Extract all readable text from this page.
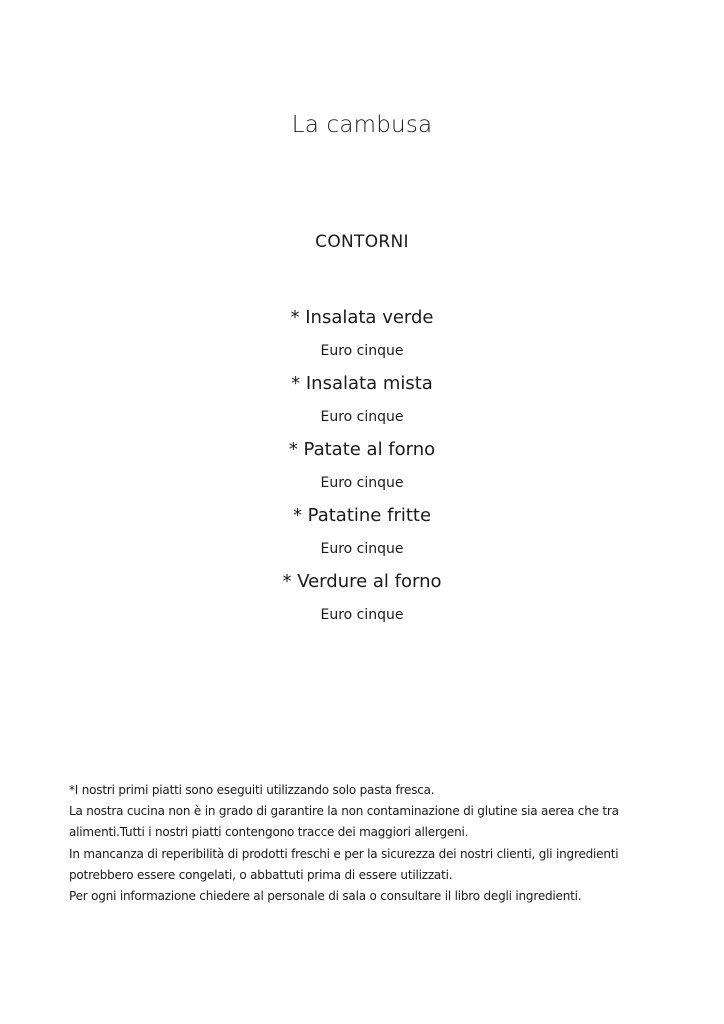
La cambusa
CONTORNI
* Insalata verde
Euro cinque
* Insalata mista
Euro cinque
* Patate al forno
Euro cinque
* Patatine fritte
Euro cinque
* Verdure al forno
Euro cinque

*I nostri primi piatti sono eseguiti utilizzando solo pasta fresca.

La nostra cucina non è in grado di garantire la non contaminazione di glutine sia aerea che tra

alimenti.Tutti i nostri piatti contengono tracce dei maggiori allergeni.

In mancanza di reperibilità di prodotti freschi e per la sicurezza dei nostri clienti, gli ingredienti

potrebbero essere congelati, o abbattuti prima di essere utilizzati.

Per ogni informazione chiedere al personale di sala o consultare il libro degli ingredienti.
